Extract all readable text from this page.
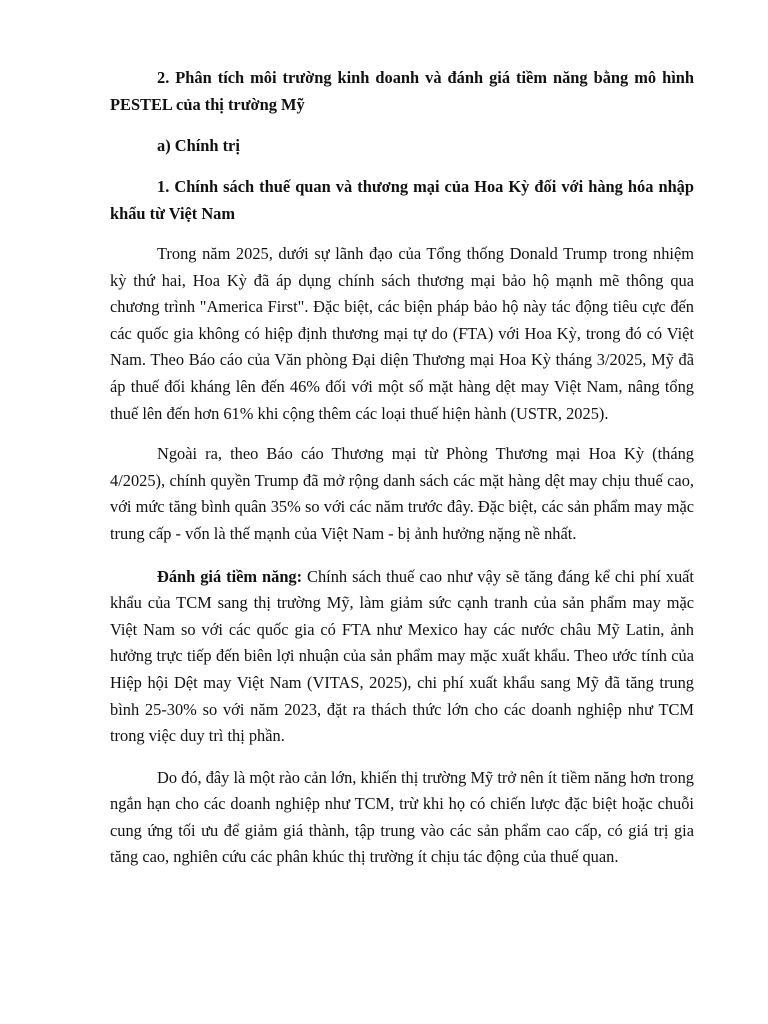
2. Phân tích môi trường kinh doanh và đánh giá tiềm năng bằng mô hình PESTEL của thị trường Mỹ

a) Chính trị

1. Chính sách thuế quan và thương mại của Hoa Kỳ đối với hàng hóa nhập khẩu từ Việt Nam

Trong năm 2025, dưới sự lãnh đạo của Tổng thống Donald Trump trong nhiệm kỳ thứ hai, Hoa Kỳ đã áp dụng chính sách thương mại bảo hộ mạnh mẽ thông qua chương trình "America First". Đặc biệt, các biện pháp bảo hộ này tác động tiêu cực đến các quốc gia không có hiệp định thương mại tự do (FTA) với Hoa Kỳ, trong đó có Việt Nam. Theo Báo cáo của Văn phòng Đại diện Thương mại Hoa Kỳ tháng 3/2025, Mỹ đã áp thuế đối kháng lên đến 46% đối với một số mặt hàng dệt may Việt Nam, nâng tổng thuế lên đến hơn 61% khi cộng thêm các loại thuế hiện hành (USTR, 2025).

Ngoài ra, theo Báo cáo Thương mại từ Phòng Thương mại Hoa Kỳ (tháng 4/2025), chính quyền Trump đã mở rộng danh sách các mặt hàng dệt may chịu thuế cao, với mức tăng bình quân 35% so với các năm trước đây. Đặc biệt, các sản phẩm may mặc trung cấp - vốn là thế mạnh của Việt Nam - bị ảnh hưởng nặng nề nhất.

Đánh giá tiềm năng: Chính sách thuế cao như vậy sẽ tăng đáng kể chi phí xuất khẩu của TCM sang thị trường Mỹ, làm giảm sức cạnh tranh của sản phẩm may mặc Việt Nam so với các quốc gia có FTA như Mexico hay các nước châu Mỹ Latin, ảnh hưởng trực tiếp đến biên lợi nhuận của sản phẩm may mặc xuất khẩu. Theo ước tính của Hiệp hội Dệt may Việt Nam (VITAS, 2025), chi phí xuất khẩu sang Mỹ đã tăng trung bình 25-30% so với năm 2023, đặt ra thách thức lớn cho các doanh nghiệp như TCM trong việc duy trì thị phần.

Do đó, đây là một rào cản lớn, khiến thị trường Mỹ trở nên ít tiềm năng hơn trong ngắn hạn cho các doanh nghiệp như TCM, trừ khi họ có chiến lược đặc biệt hoặc chuỗi cung ứng tối ưu để giảm giá thành, tập trung vào các sản phẩm cao cấp, có giá trị gia tăng cao, nghiên cứu các phân khúc thị trường ít chịu tác động của thuế quan.
